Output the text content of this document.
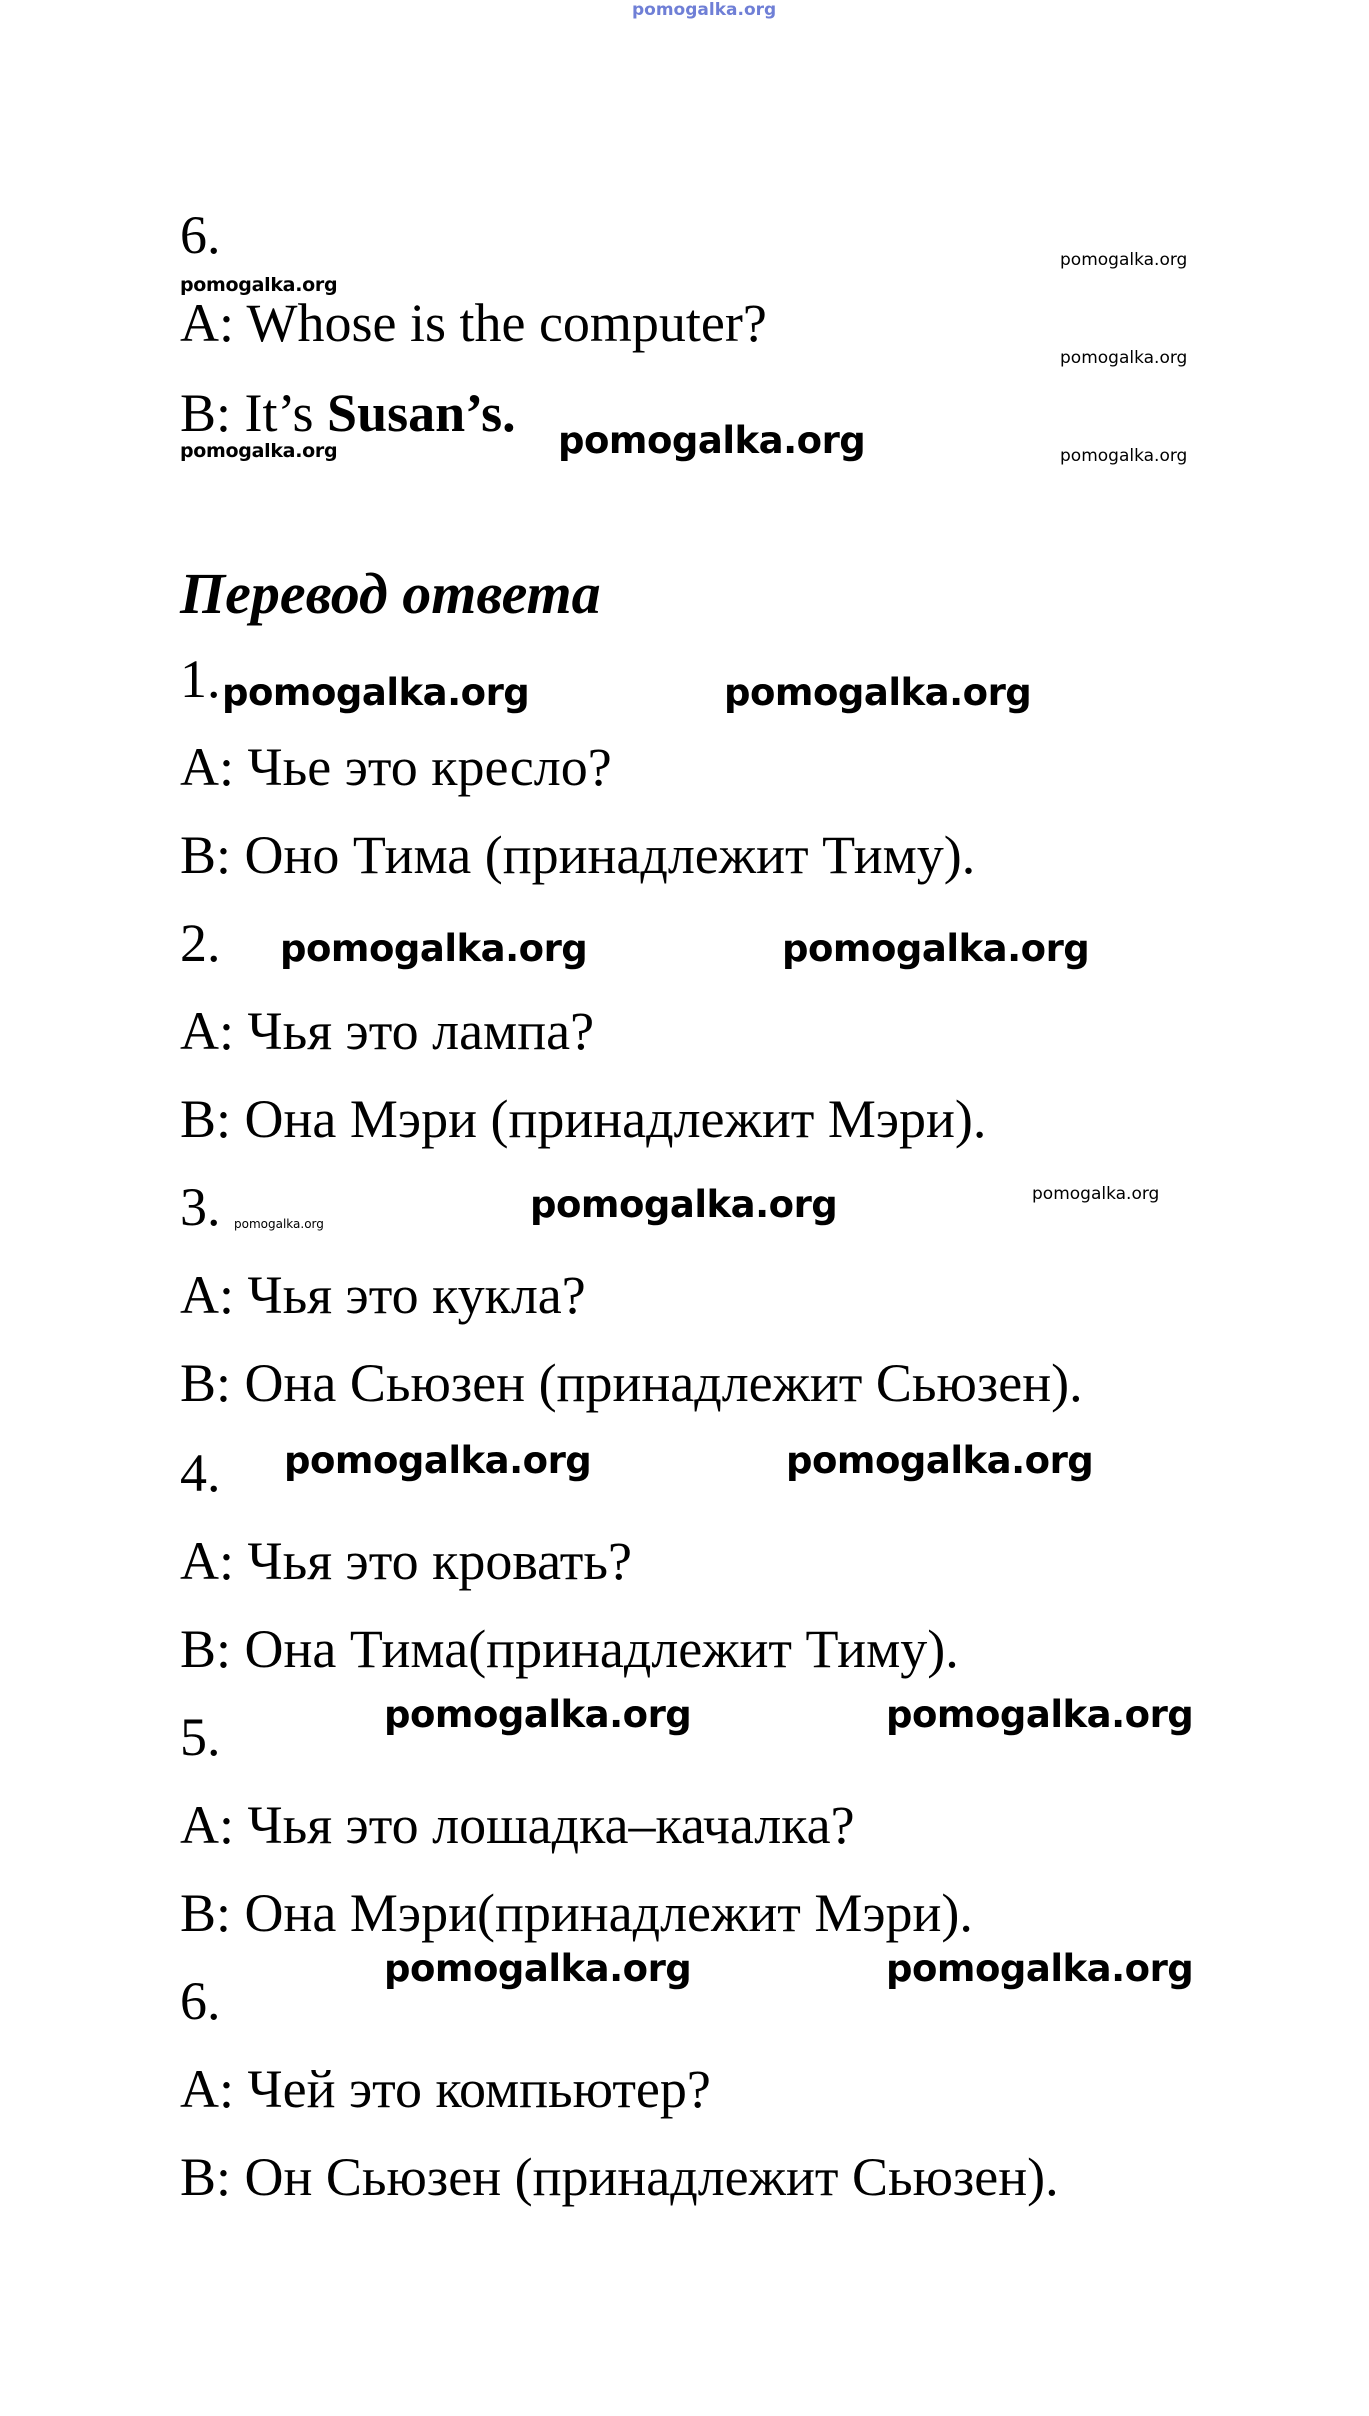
pomogalka.org
6.
pomogalka.org
A: Whose is the computer?
B: It’s Susan’s. pomogalka.org
pomogalka.org
pomogalka.org
pomogalka.org
pomogalka.org
Перевод ответа
1. pomogalka.org	pomogalka.org
A: Чье это кресло?
B: Оно Тима (принадлежит Тиму).
2. pomogalka.org	pomogalka.org
A: Чья это лампа?
B: Она Мэри (принадлежит Мэри).
3. pomogalka.org	pomogalka.org	pomogalka.org
A: Чья это кукла?
B: Она Сьюзен (принадлежит Сьюзен).
4. pomogalka.org	pomogalka.org
A: Чья это кровать?
B: Она Тима(принадлежит Тиму).
5.	pomogalka.org	pomogalka.org
A: Чья это лошадка–качалка?
B: Она Мэри(принадлежит Мэри).
6.
pomogalka.org	pomogalka.org
A: Чей это компьютер?
B: Он Сьюзен (принадлежит Сьюзен).
